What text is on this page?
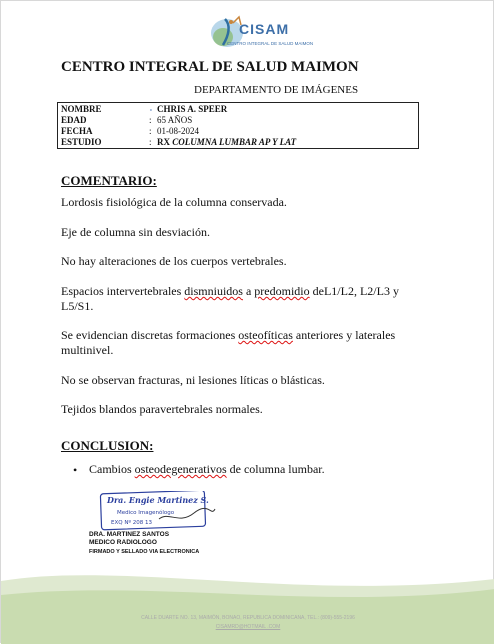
CISAM
CENTRO INTEGRAL DE SALUD MAIMON
CENTRO INTEGRAL DE SALUD MAIMON
DEPARTAMENTO DE IMÁGENES
NOMBRE	∘ CHRIS A. SPEER
EDAD	: 65 AÑOS
FECHA	: 01-08-2024
ESTUDIO	: RX COLUMNA LUMBAR AP Y LAT
COMENTARIO:
Lordosis fisiológica de la columna conservada.
Eje de columna sin desviación.
No hay alteraciones de los cuerpos vertebrales.
Espacios intervertebrales dismniuidos a predomidio deL1/L2, L2/L3 y L5/S1.
Se evidencian discretas formaciones osteofíticas anteriores y laterales multinivel.
No se observan fracturas, ni lesiones líticas o blásticas.
Tejidos blandos paravertebrales normales.
CONCLUSION:
• Cambios osteodegenerativos de columna lumbar.
Dra. Engie Martinez S.
Medico Imagenólogo
EXQ Nº 208 13
DRA. MARTINEZ SANTOS
MEDICO RADIOLOGO
FIRMADO Y SELLADO VIA ELECTRONICA
CALLE DUARTE NO. 13, MAIMÓN, BONAO, REPUBLICA DOMINICANA, TEL.: (809)-555-2196
CISAMRD@HOTMAIL .COM
